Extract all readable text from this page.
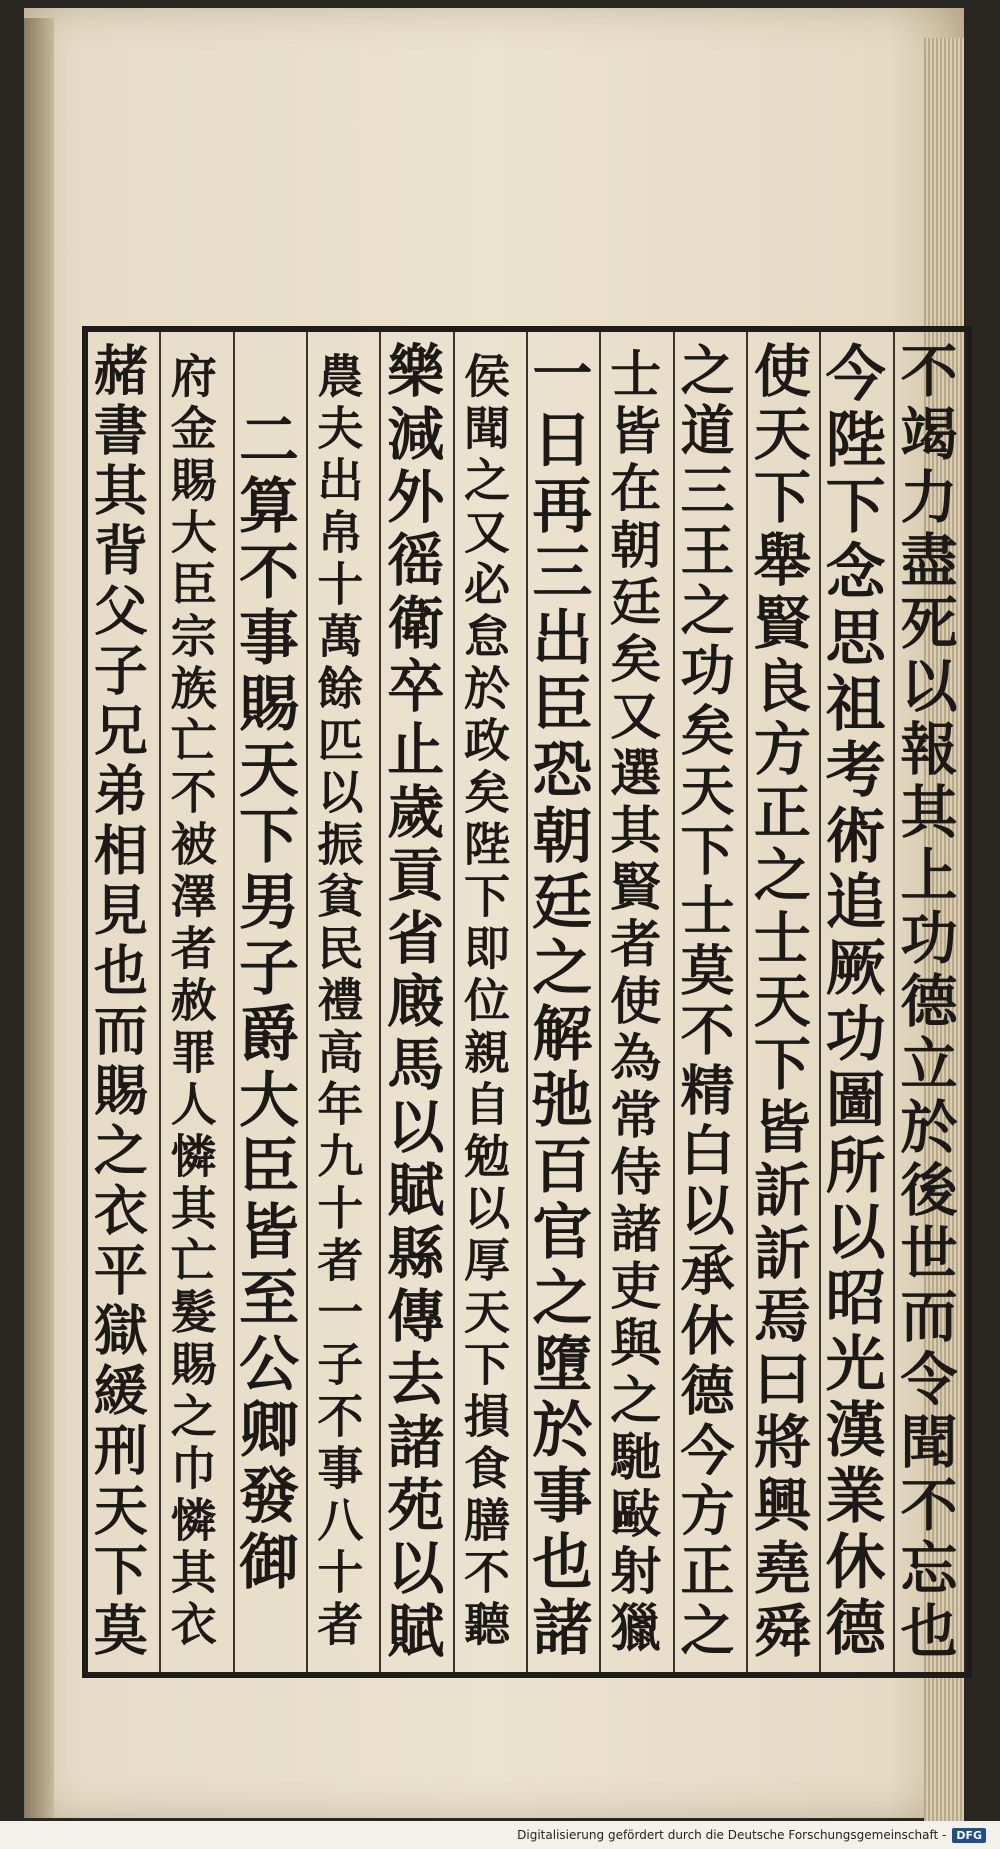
不竭力盡死以報其上功德立於後世而令聞不忘也
今陛下念思祖考術追厥功圖所以昭光漢業休德
使天下舉賢良方正之士天下皆訢訢焉曰將興堯舜
之道三王之功矣天下士莫不精白以承休德今方正之
士皆在朝廷矣又選其賢者使為常侍諸吏與之馳敺射獵
一日再三出臣恐朝廷之解弛百官之墮於事也諸
侯聞之又必怠於政矣陛下即位親自勉以厚天下損食膳不聽
樂減外徭衛卒止歲貢省廄馬以賦縣傳去諸苑以賦
農夫出帛十萬餘匹以振貧民禮高年九十者一子不事八十者
二算不事賜天下男子爵大臣皆至公卿發御
府金賜大臣宗族亡不被澤者赦罪人憐其亡髮賜之巾憐其衣
赭書其背父子兄弟相見也而賜之衣平獄緩刑天下莫
Digitalisierung gefördert durch die Deutsche Forschungsgemeinschaft - DFG
